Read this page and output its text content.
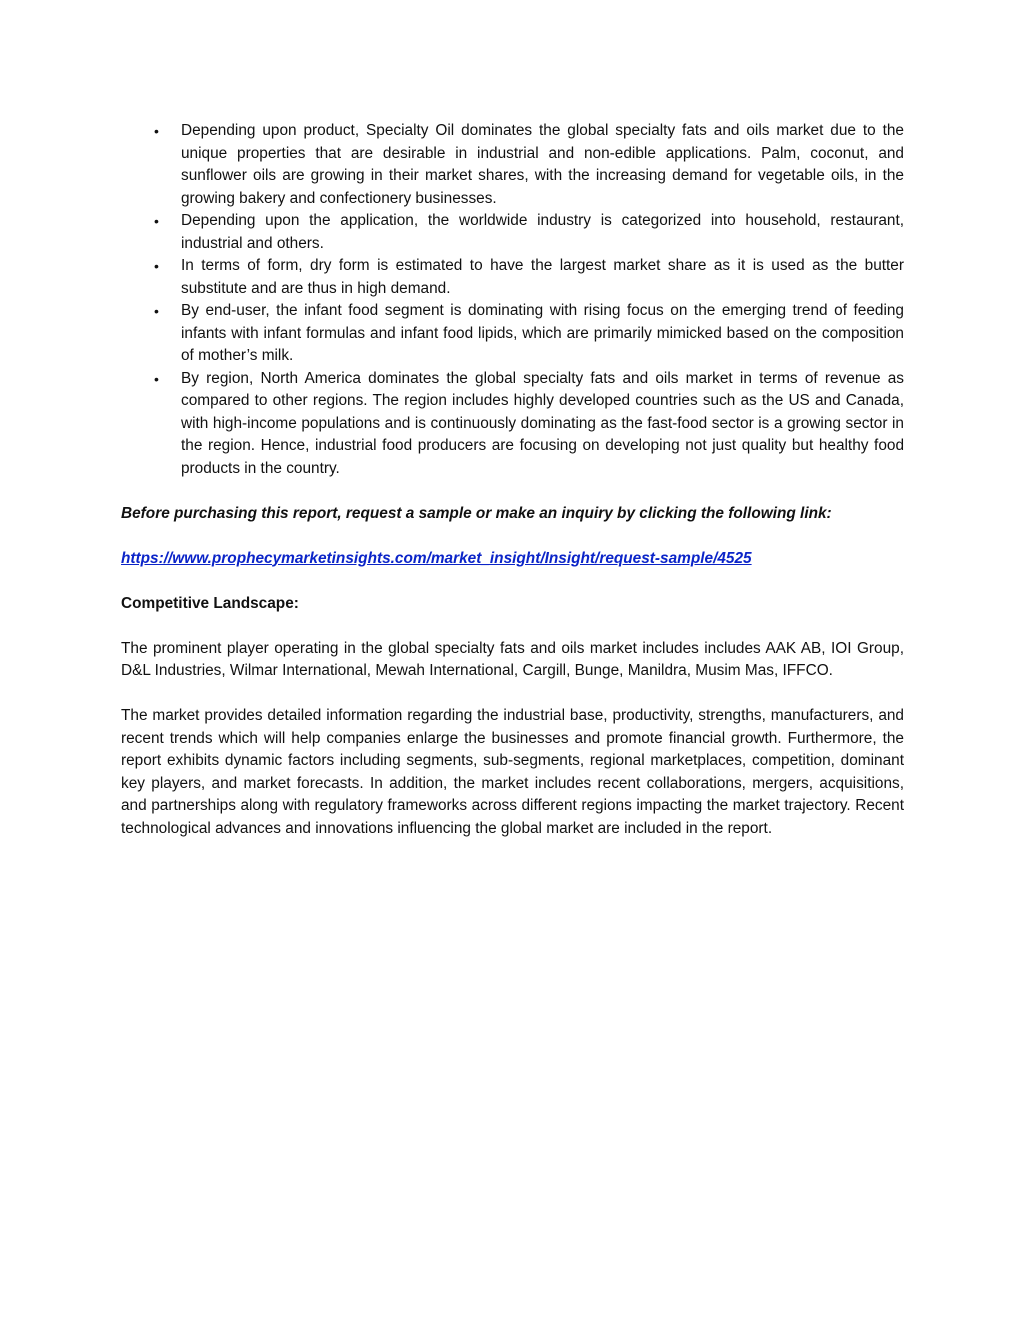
• Depending upon product, Specialty Oil dominates the global specialty fats and oils market due to the unique properties that are desirable in industrial and non-edible applications. Palm, coconut, and sunflower oils are growing in their market shares, with the increasing demand for vegetable oils, in the growing bakery and confectionery businesses.
• Depending upon the application, the worldwide industry is categorized into household, restaurant, industrial and others.
• In terms of form, dry form is estimated to have the largest market share as it is used as the butter substitute and are thus in high demand.
• By end-user, the infant food segment is dominating with rising focus on the emerging trend of feeding infants with infant formulas and infant food lipids, which are primarily mimicked based on the composition of mother’s milk.
• By region, North America dominates the global specialty fats and oils market in terms of revenue as compared to other regions. The region includes highly developed countries such as the US and Canada, with high-income populations and is continuously dominating as the fast-food sector is a growing sector in the region. Hence, industrial food producers are focusing on developing not just quality but healthy food products in the country.

Before purchasing this report, request a sample or make an inquiry by clicking the following link:

https://www.prophecymarketinsights.com/market_insight/Insight/request-sample/4525

Competitive Landscape:

The prominent player operating in the global specialty fats and oils market includes includes AAK AB, IOI Group, D&L Industries, Wilmar International, Mewah International, Cargill, Bunge, Manildra, Musim Mas, IFFCO.

The market provides detailed information regarding the industrial base, productivity, strengths, manufacturers, and recent trends which will help companies enlarge the businesses and promote financial growth. Furthermore, the report exhibits dynamic factors including segments, sub-segments, regional marketplaces, competition, dominant key players, and market forecasts. In addition, the market includes recent collaborations, mergers, acquisitions, and partnerships along with regulatory frameworks across different regions impacting the market trajectory. Recent technological advances and innovations influencing the global market are included in the report.
